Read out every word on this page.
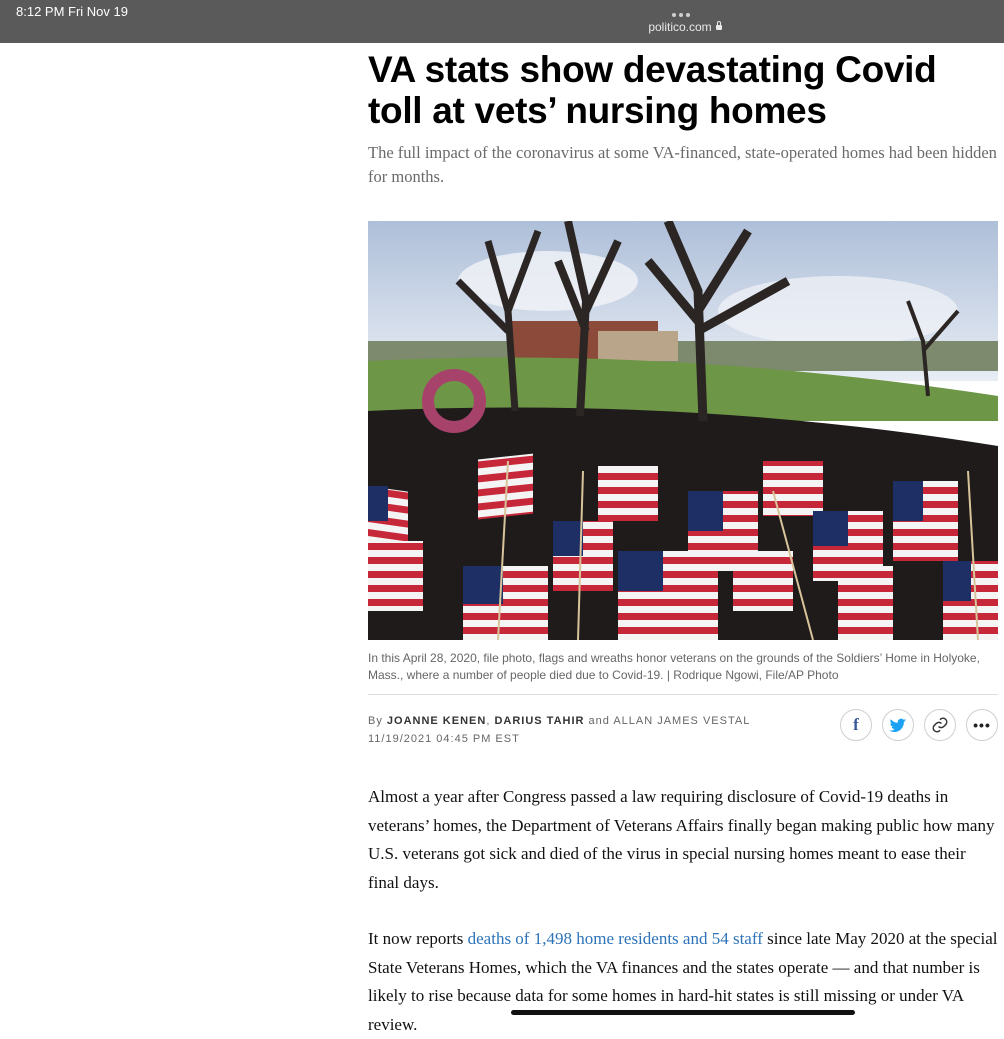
8:12 PM Fri Nov 19
politico.com
VA stats show devastating Covid toll at vets’ nursing homes

The full impact of the coronavirus at some VA-financed, state-operated homes had been hidden for months.

In this April 28, 2020, file photo, flags and wreaths honor veterans on the grounds of the Soldiers’ Home in Holyoke, Mass., where a number of people died due to Covid-19. | Rodrique Ngowi, File/AP Photo
By JOANNE KENEN, DARIUS TAHIR and ALLAN JAMES VESTAL
11/19/2021 04:45 PM EST
f	•••

Almost a year after Congress passed a law requiring disclosure of Covid-19 deaths in veterans’ homes, the Department of Veterans Affairs finally began making public how many U.S. veterans got sick and died of the virus in special nursing homes meant to ease their final days.

It now reports deaths of 1,498 home residents and 54 staff since late May 2020 at the special State Veterans Homes, which the VA finances and the states operate — and that number is likely to rise because data for some homes in hard-hit states is still missing or under VA review.
